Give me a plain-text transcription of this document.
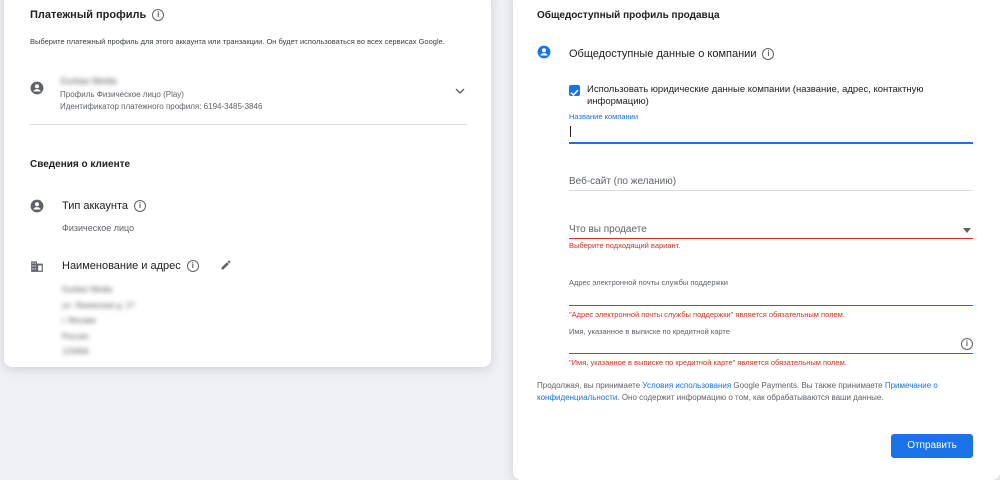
Платежный профиль i
Выберите платежный профиль для этого аккаунта или транзакции. Он будет использоваться во всех сервисах Google.
Gurbax Media
Профиль Физическое лицо (Play)
Идентификатор платежного профиля: 6194-3485-3846
Сведения о клиенте
Тип аккаунта i
Физическое лицо
Наименование и адрес i
Gurbax Media
ул. Ленинская д. 17
г. Москва
Россия
123456
Общедоступный профиль продавца
Общедоступные данные о компании i
Использовать юридические данные компании (название, адрес, контактную информацию)
Название компании
Веб-сайт (по желанию)
Что вы продаете
Выберите подходящий вариант.
Адрес электронной почты службы поддержки
"Адрес электронной почты службы поддержки" является обязательным полем.
Имя, указанное в выписке по кредитной карте
i
"Имя, указанное в выписке по кредитной карте" является обязательным полем.
Продолжая, вы принимаете Условия использования Google Payments. Вы также принимаете Примечание о конфиденциальности. Оно содержит информацию о том, как обрабатываются ваши данные.
Отправить
